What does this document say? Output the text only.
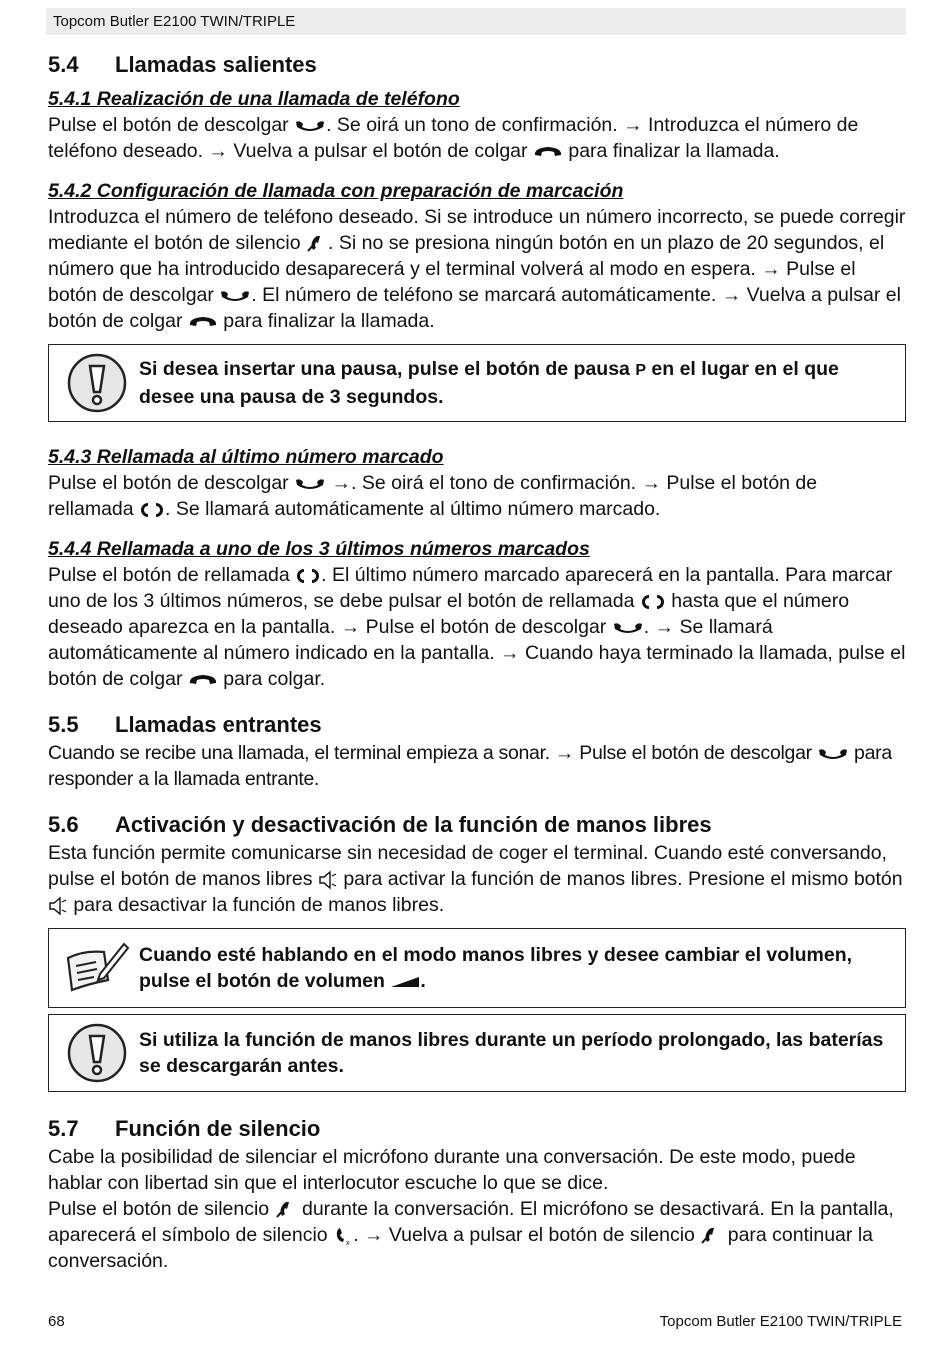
Topcom Butler E2100 TWIN/TRIPLE
5.4 Llamadas salientes
5.4.1 Realización de una llamada de teléfono

Pulse el botón de descolgar . Se oirá un tono de confirmación. → Introduzca el número de teléfono deseado. → Vuelva a pulsar el botón de colgar  para finalizar la llamada.

5.4.2 Configuración de llamada con preparación de marcación

Introduzca el número de teléfono deseado. Si se introduce un número incorrecto, se puede corregir mediante el botón de silencio . Si no se presiona ningún botón en un plazo de 20 segundos, el número que ha introducido desaparecerá y el terminal volverá al modo en espera. → Pulse el botón de descolgar . El número de teléfono se marcará automáticamente. → Vuelva a pulsar el botón de colgar  para finalizar la llamada.

Si desea insertar una pausa, pulse el botón de pausa P en el lugar en el que desee una pausa de 3 segundos.
5.4.3 Rellamada al último número marcado

Pulse el botón de descolgar  →. Se oirá el tono de confirmación. → Pulse el botón de rellamada . Se llamará automáticamente al último número marcado.

5.4.4 Rellamada a uno de los 3 últimos números marcados

Pulse el botón de rellamada . El último número marcado aparecerá en la pantalla. Para marcar uno de los 3 últimos números, se debe pulsar el botón de rellamada  hasta que el número deseado aparezca en la pantalla. → Pulse el botón de descolgar . → Se llamará automáticamente al número indicado en la pantalla. → Cuando haya terminado la llamada, pulse el botón de colgar  para colgar.

5.5 Llamadas entrantes

Cuando se recibe una llamada, el terminal empieza a sonar. → Pulse el botón de descolgar  para responder a la llamada entrante.

5.6 Activación y desactivación de la función de manos libres

Esta función permite comunicarse sin necesidad de coger el terminal. Cuando esté conversando, pulse el botón de manos libres  para activar la función de manos libres. Presione el mismo botón  para desactivar la función de manos libres.

Cuando esté hablando en el modo manos libres y desee cambiar el volumen, pulse el botón de volumen .
Si utiliza la función de manos libres durante un período prolongado, las baterías se descargarán antes.
5.7 Función de silencio

Cabe la posibilidad de silenciar el micrófono durante una conversación. De este modo, puede hablar con libertad sin que el interlocutor escuche lo que se dice.

Pulse el botón de silencio  durante la conversación. El micrófono se desactivará. En la pantalla, aparecerá el símbolo de silencio x . → Vuelva a pulsar el botón de silencio  para continuar la conversación.

68	Topcom Butler E2100 TWIN/TRIPLE
